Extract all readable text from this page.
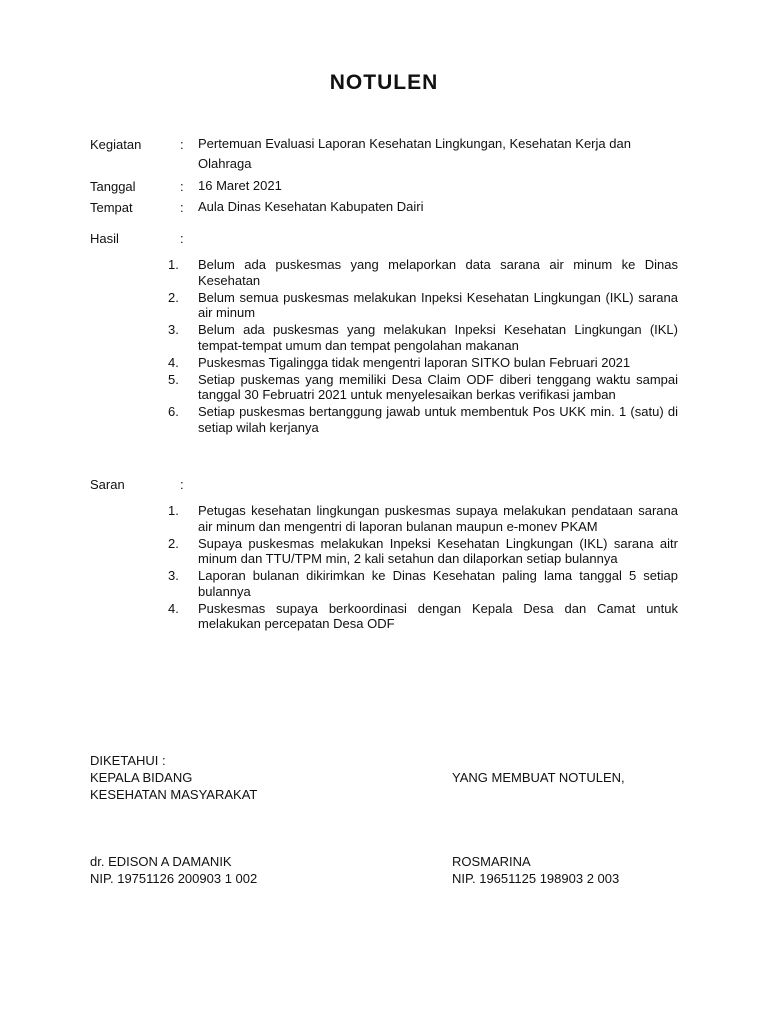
NOTULEN
Kegiatan	: Pertemuan Evaluasi Laporan Kesehatan Lingkungan, Kesehatan Kerja dan Olahraga
Tanggal	: 16 Maret 2021
Tempat	: Aula Dinas Kesehatan Kabupaten Dairi
Hasil	:
1. Belum ada puskesmas yang melaporkan data sarana air minum ke Dinas Kesehatan
2. Belum semua puskesmas melakukan Inpeksi Kesehatan Lingkungan (IKL) sarana air minum
3. Belum ada puskesmas yang melakukan Inpeksi Kesehatan Lingkungan (IKL) tempat-tempat umum dan tempat pengolahan makanan
4. Puskesmas Tigalingga tidak mengentri laporan SITKO bulan Februari 2021
5. Setiap puskemas yang memiliki Desa Claim ODF diberi tenggang waktu sampai tanggal 30 Februatri 2021 untuk menyelesaikan berkas verifikasi jamban
6. Setiap puskesmas bertanggung jawab untuk membentuk Pos UKK min. 1 (satu) di setiap wilah kerjanya
Saran	:
1. Petugas kesehatan lingkungan puskesmas supaya melakukan pendataan sarana air minum dan mengentri di laporan bulanan maupun e-monev PKAM
2. Supaya puskesmas melakukan Inpeksi Kesehatan Lingkungan (IKL) sarana aitr minum dan TTU/TPM min, 2 kali setahun dan dilaporkan setiap bulannya
3. Laporan bulanan dikirimkan ke Dinas Kesehatan paling lama tanggal 5 setiap bulannya
4. Puskesmas supaya berkoordinasi dengan Kepala Desa dan Camat untuk melakukan percepatan Desa ODF
DIKETAHUI :
KEPALA BIDANG
KESEHATAN MASYARAKAT
YANG MEMBUAT NOTULEN,
dr. EDISON A DAMANIK
NIP. 19751126 200903 1 002
ROSMARINA
NIP. 19651125 198903 2 003
